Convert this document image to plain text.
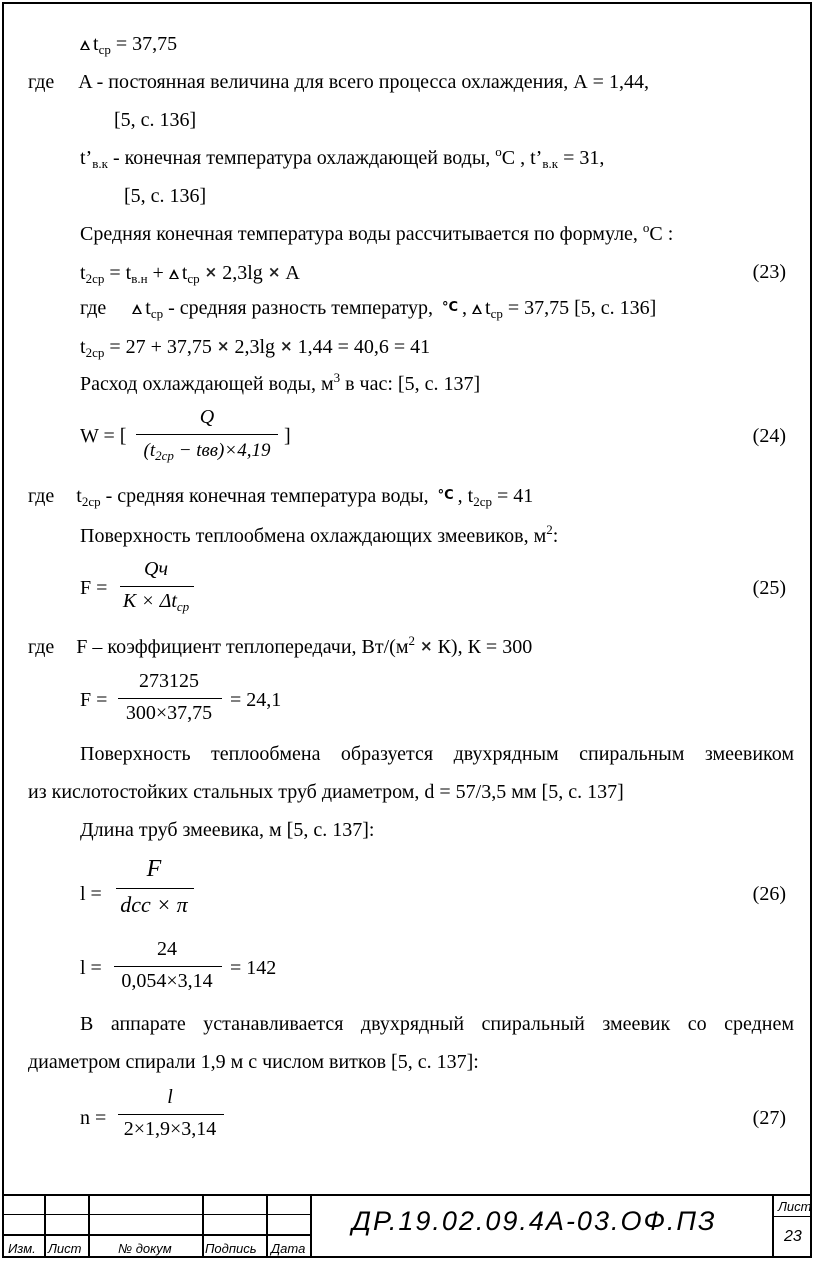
$t_{ср} = 37,75$
где A - постоянная величина для всего процесса охлаждения, А = 1,44,
[5, с. 136]
$t’_{в.к}$ - конечная температура охлаждающей воды, $^o$C , $t’_{в.к} = 31$,
[5, с. 136]
Средняя конечная температура воды рассчитывается по формуле, $^o$C :
$t_{2ср} = t_{в.н} + t_{ср} \times 2,3\lg \times A$	(23)
где $t_{ср}$ - средняя разность температур, °C , $t_{ср} = 37,75$ [5, с. 136]
$t_{2ср} = 27 + 37,75 \times 2,3\lg \times 1,44 = 40,6 = 41$
Расход охлаждающей воды, $м^3$ в час: [5, с. 137]
W = [
Q
$(t_{2ср} - tвв)\times 4,19$
]	(24)
где $t_{2ср}$ - средняя конечная температура воды, °C , $t_{2ср} = 41$
Поверхность теплообмена охлаждающих змеевиков, $м^2$:
F =
Qч
$К \times \Delta t_{ср}$
(25)
где F – коэффициент теплопередачи, $Вт/(м^2 \times К)$, К = 300
F =
273125
300×37,75
= 24,1
Поверхность теплообмена образуется двухрядным спиральным змеевиком
из кислотостойких стальных труб диаметром, d = 57/3,5 мм [5, с. 137]
Длина труб змеевика, м [5, с. 137]:
l =
F
dcc × π	(26)
l =
24
0,054×3,14
= 142
В аппарате устанавливается двухрядный спиральный змеевик со среднем
диаметром спирали 1,9 м с числом витков [5, с. 137]:
n =
l
2×1,9×3,14	(27)
Изм. Лист	№ докум	Подпись Дата
ДР.19.02.09.4А-03.ОФ.ПЗ	Лист
23
